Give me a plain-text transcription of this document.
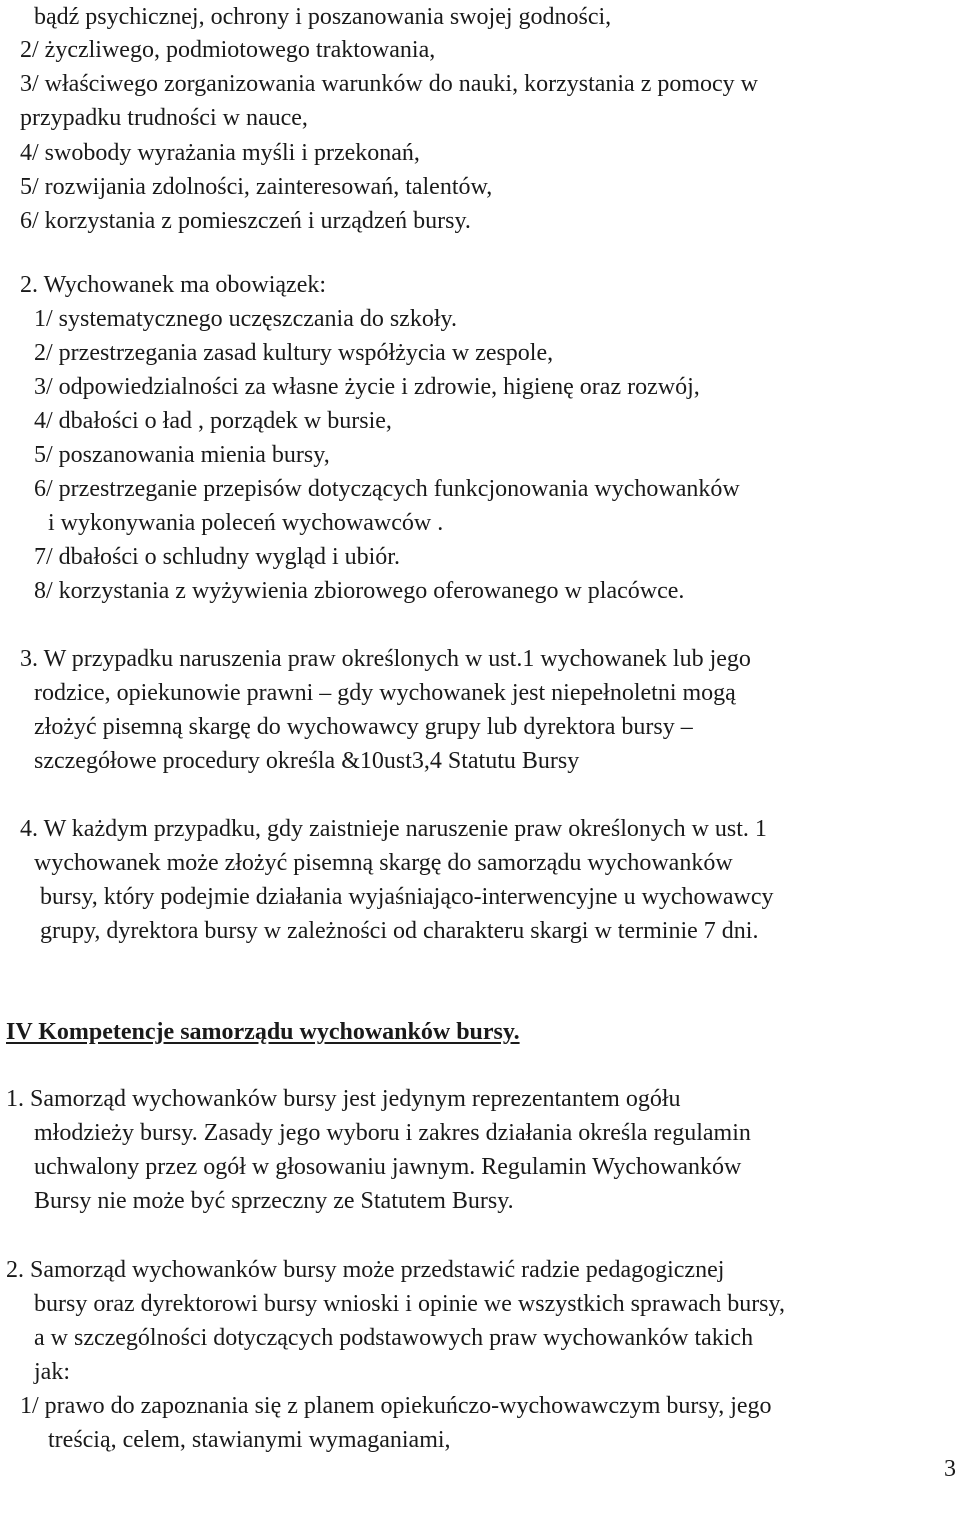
bądź psychicznej, ochrony i poszanowania swojej godności,
2/ życzliwego, podmiotowego traktowania,
3/ właściwego zorganizowania warunków do nauki, korzystania z pomocy w
przypadku trudności w nauce,
4/ swobody wyrażania myśli i przekonań,
5/ rozwijania zdolności, zainteresowań, talentów,
6/ korzystania z pomieszczeń i urządzeń bursy.
2. Wychowanek ma obowiązek:
1/ systematycznego uczęszczania do szkoły.
2/ przestrzegania zasad kultury współżycia w zespole,
3/ odpowiedzialności za własne życie i zdrowie, higienę oraz rozwój,
4/ dbałości o ład , porządek w bursie,
5/ poszanowania mienia bursy,
6/ przestrzeganie przepisów dotyczących funkcjonowania wychowanków
i wykonywania poleceń wychowawców .
7/ dbałości o schludny wygląd i ubiór.
8/ korzystania z wyżywienia zbiorowego oferowanego w placówce.
3. W przypadku naruszenia praw określonych w ust.1 wychowanek lub jego
rodzice, opiekunowie prawni – gdy wychowanek jest niepełnoletni mogą
złożyć pisemną skargę do wychowawcy grupy lub dyrektora bursy –
szczegółowe procedury określa &10ust3,4 Statutu Bursy
4. W każdym przypadku, gdy zaistnieje naruszenie praw określonych w ust. 1
wychowanek może złożyć pisemną skargę do samorządu wychowanków
bursy, który podejmie działania wyjaśniająco-interwencyjne u wychowawcy
grupy, dyrektora bursy w zależności od charakteru skargi w terminie 7 dni.
IV Kompetencje samorządu wychowanków bursy.
1. Samorząd wychowanków bursy jest jedynym reprezentantem ogółu
młodzieży bursy. Zasady jego wyboru i zakres działania określa regulamin
uchwalony przez ogół w głosowaniu jawnym. Regulamin Wychowanków
Bursy nie może być sprzeczny ze Statutem Bursy.
2. Samorząd wychowanków bursy może przedstawić radzie pedagogicznej
bursy oraz dyrektorowi bursy wnioski i opinie we wszystkich sprawach bursy,
a w szczególności dotyczących podstawowych praw wychowanków takich
jak:
1/ prawo do zapoznania się z planem opiekuńczo-wychowawczym bursy, jego
treścią, celem, stawianymi wymaganiami,
3
